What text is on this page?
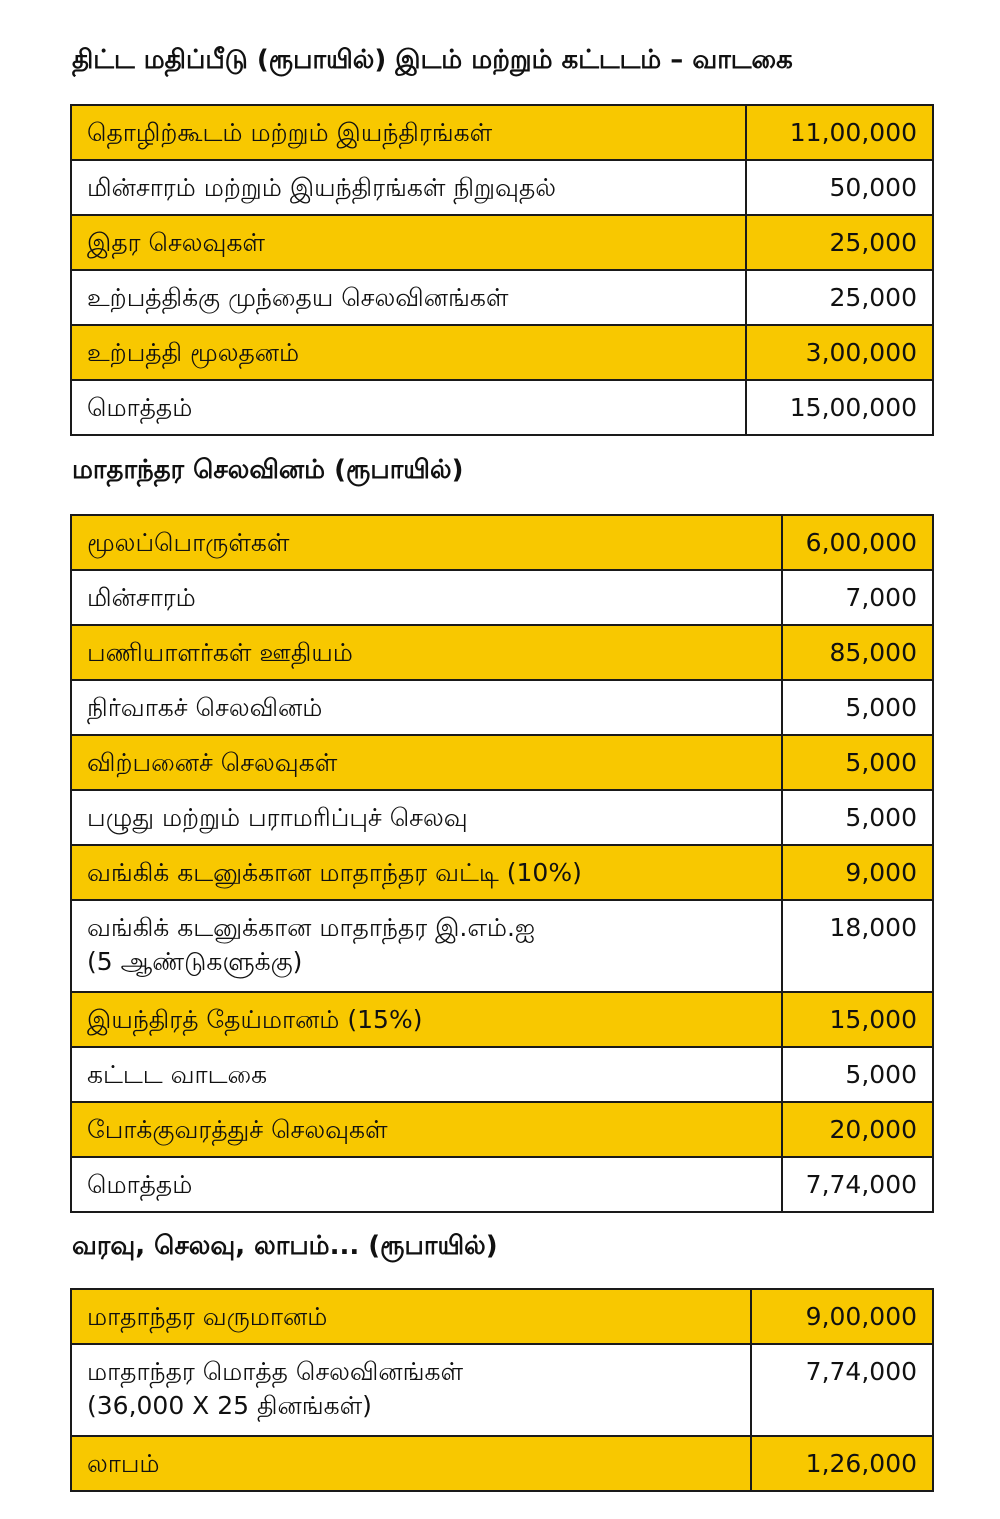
திட்ட மதிப்பீடு (ரூபாயில்) இடம் மற்றும் கட்டடம் – வாடகை
தொழிற்கூடம் மற்றும் இயந்திரங்கள்	11,00,000
மின்சாரம் மற்றும் இயந்திரங்கள் நிறுவுதல்	50,000
இதர செலவுகள்	25,000
உற்பத்திக்கு முந்தைய செலவினங்கள்	25,000
உற்பத்தி மூலதனம்	3,00,000
மொத்தம்	15,00,000
மாதாந்தர செலவினம் (ரூபாயில்)
மூலப்பொருள்கள்	6,00,000
மின்சாரம்	7,000
பணியாளர்கள் ஊதியம்	85,000
நிர்வாகச் செலவினம்	5,000
விற்பனைச் செலவுகள்	5,000
பழுது மற்றும் பராமரிப்புச் செலவு	5,000
வங்கிக் கடனுக்கான மாதாந்தர வட்டி (10%)	9,000
வங்கிக் கடனுக்கான மாதாந்தர இ.எம்.ஐ
(5 ஆண்டுகளுக்கு)	18,000
இயந்திரத் தேய்மானம் (15%)	15,000
கட்டட வாடகை	5,000
போக்குவரத்துச் செலவுகள்	20,000
மொத்தம்	7,74,000
வரவு, செலவு, லாபம்... (ரூபாயில்)
மாதாந்தர வருமானம்	9,00,000
மாதாந்தர மொத்த செலவினங்கள்
(36,000 X 25 தினங்கள்)	7,74,000
லாபம்	1,26,000
